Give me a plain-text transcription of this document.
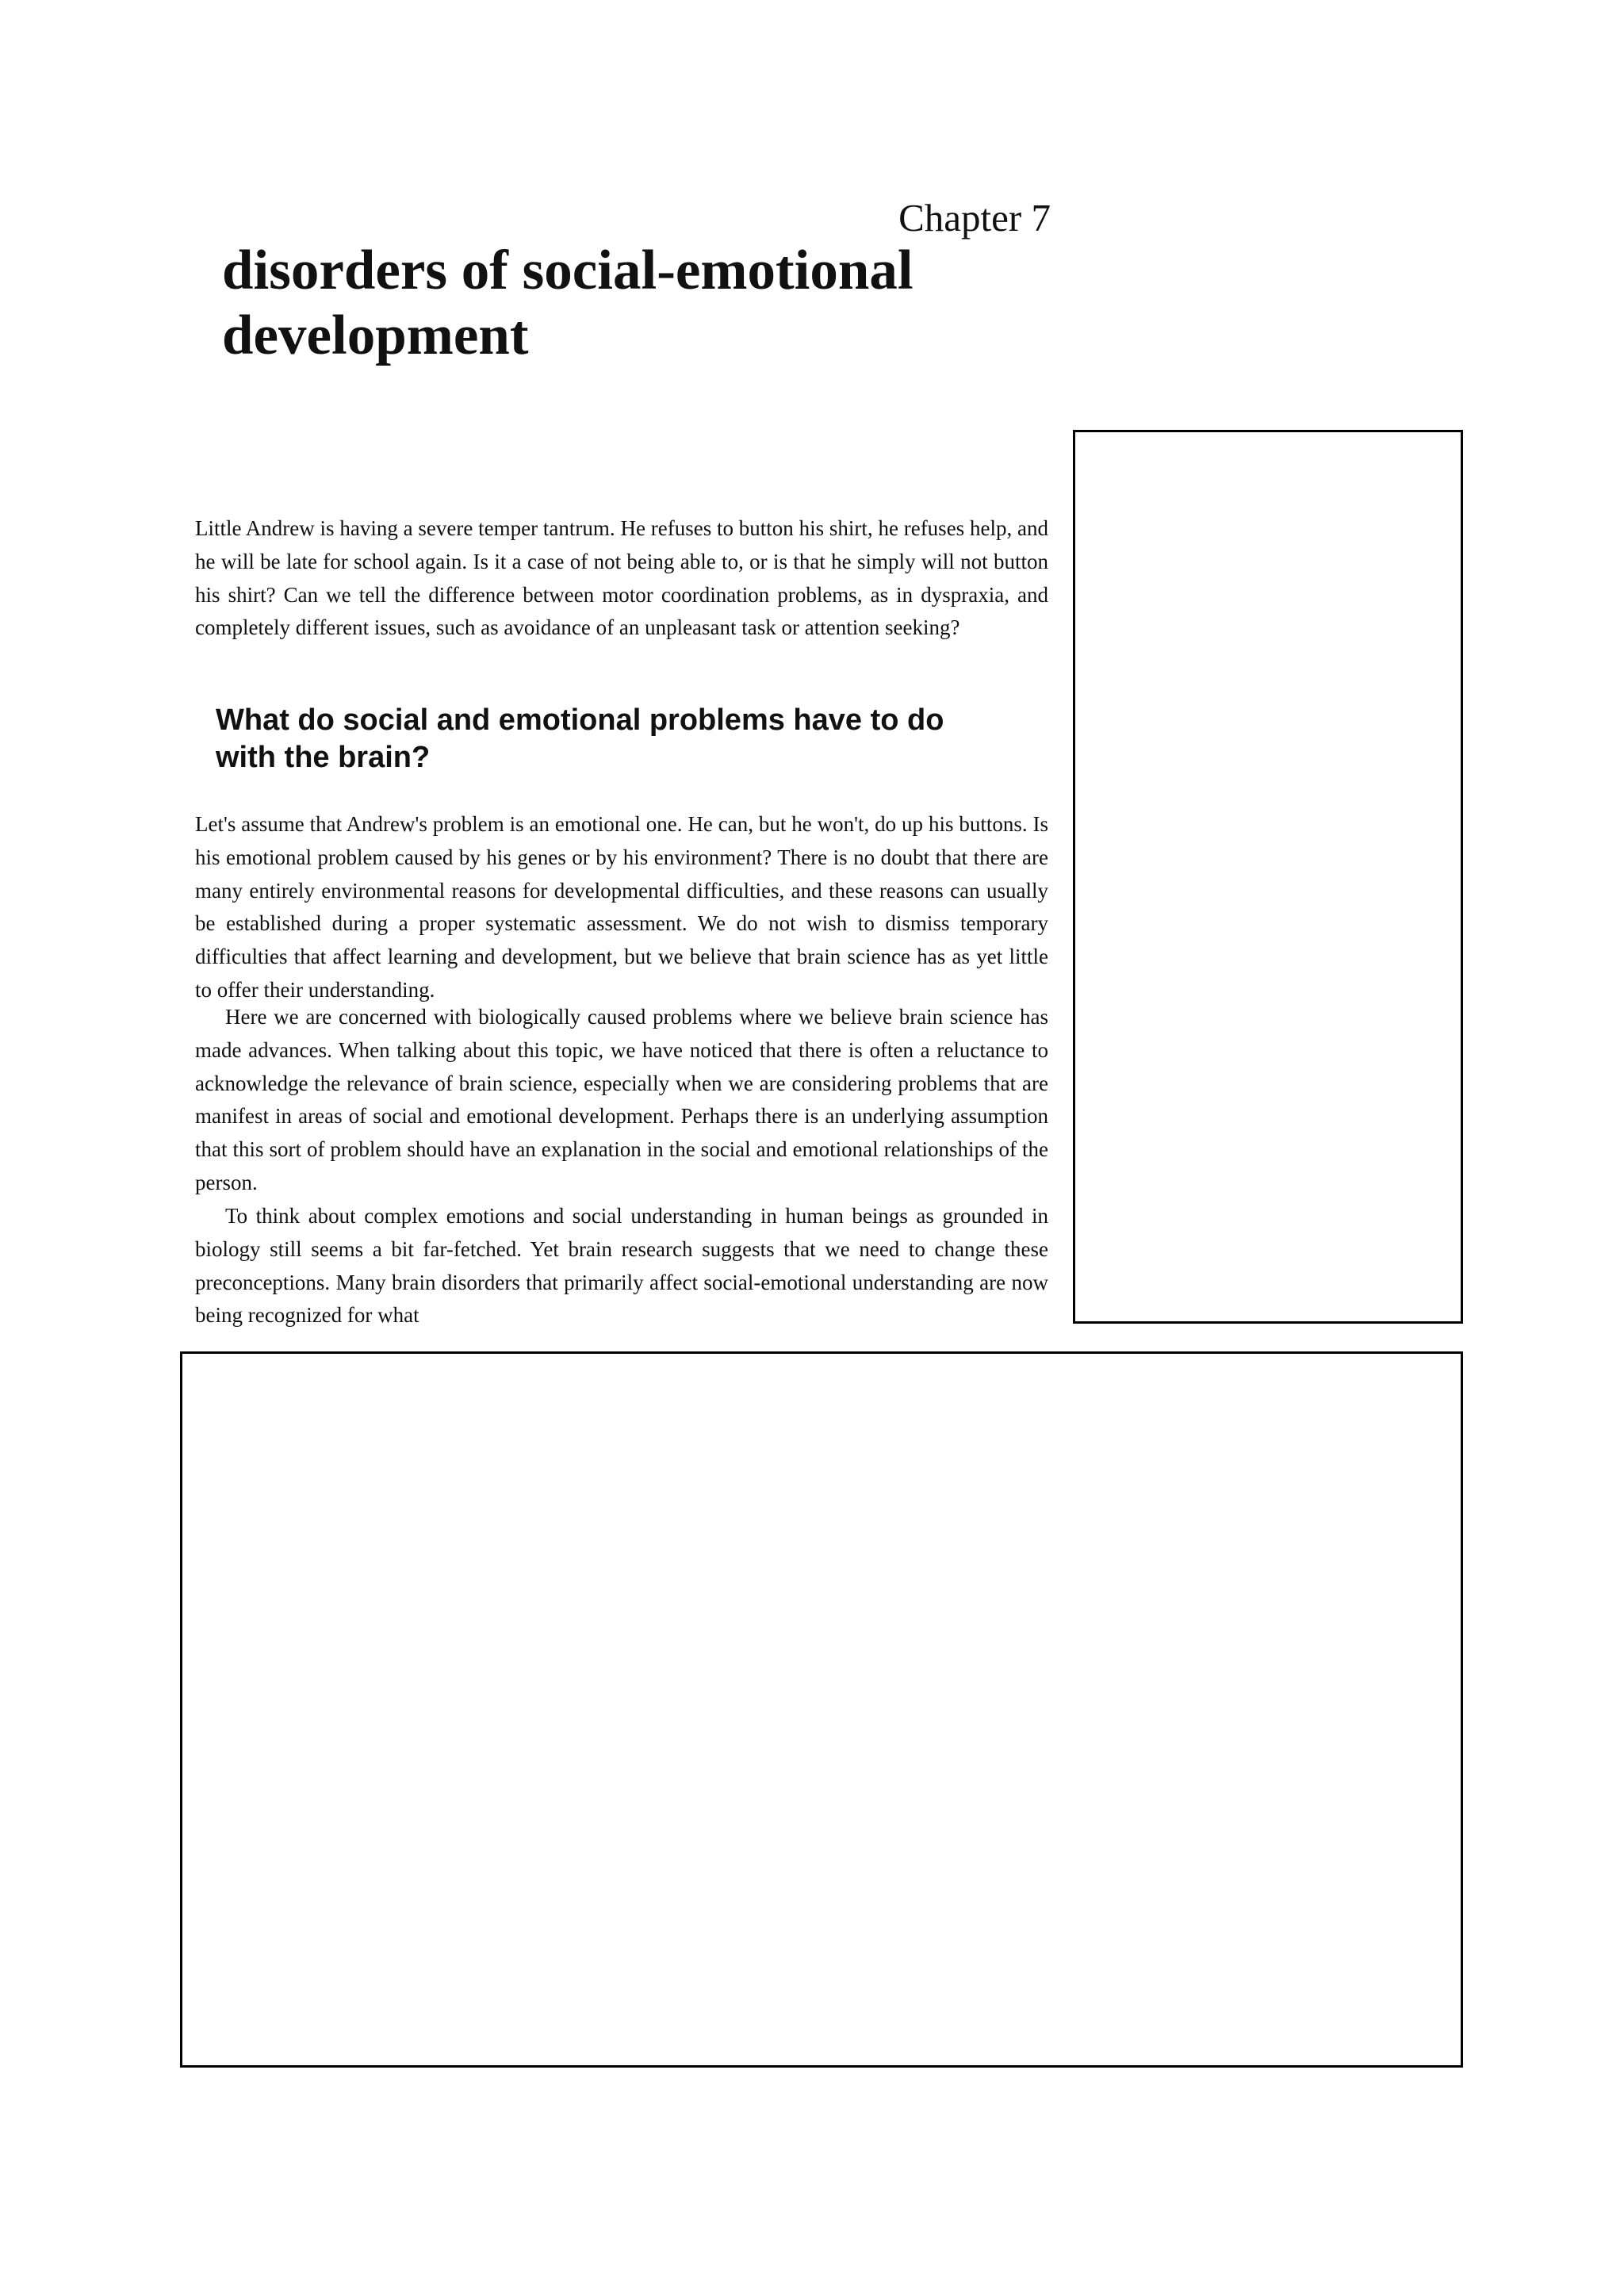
Chapter 7
disorders of social-emotional
development

Little Andrew is having a severe temper tantrum. He refuses to button his shirt, he refuses help, and he will be late for school again. Is it a case of not being able to, or is that he simply will not button his shirt? Can we tell the difference between motor coordination problems, as in dyspraxia, and completely different issues, such as avoidance of an unpleasant task or attention seeking?

What do social and emotional problems have to do
with the brain?

Let's assume that Andrew's problem is an emotional one. He can, but he won't, do up his buttons. Is his emotional problem caused by his genes or by his environment? There is no doubt that there are many entirely environmental reasons for developmental difficulties, and these reasons can usually be established during a proper systematic assessment. We do not wish to dismiss temporary difficulties that affect learning and development, but we believe that brain science has as yet little to offer their understanding.

Here we are concerned with biologically caused problems where we believe brain science has made advances. When talking about this topic, we have noticed that there is often a reluctance to acknowledge the relevance of brain science, especially when we are considering problems that are manifest in areas of social and emotional development. Perhaps there is an underlying assumption that this sort of problem should have an explanation in the social and emotional relationships of the person.

To think about complex emotions and social understanding in human beings as grounded in biology still seems a bit far-fetched. Yet brain research suggests that we need to change these preconceptions. Many brain disorders that primarily affect social-emotional understanding are now being recognized for what
